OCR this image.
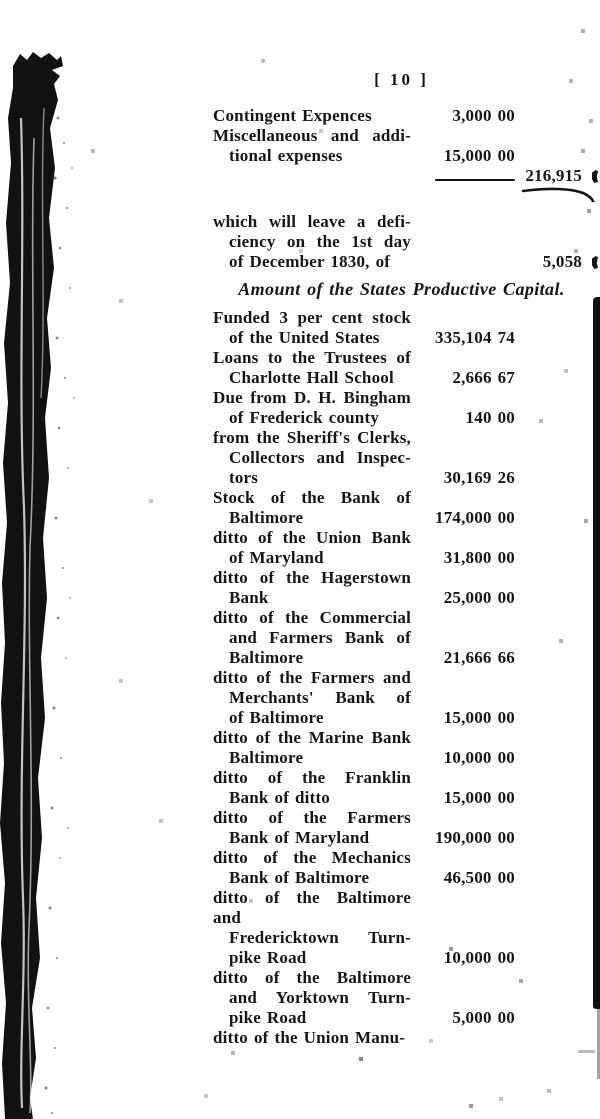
[ 10 ]
Contingent Expences	3,000 00
Miscellaneous and addi-
tional expenses	15,000 00
216,915
which will leave a defi-
ciency on the 1st day
of December 1830, of	5,058
Amount of the States Productive Capital.
Funded 3 per cent stock
of the United States	335,104 74
Loans to the Trustees of
Charlotte Hall School	2,666 67
Due from D. H. Bingham
of Frederick county	140 00
from the Sheriff's Clerks,
Collectors and Inspec-
tors	30,169 26
Stock of the Bank of
Baltimore	174,000 00
ditto of the Union Bank
of Maryland	31,800 00
ditto of the Hagerstown
Bank	25,000 00
ditto of the Commercial
and Farmers Bank of
Baltimore	21,666 66
ditto of the Farmers and
Merchants' Bank of
of Baltimore	15,000 00
ditto of the Marine Bank
Baltimore	10,000 00
ditto of the Franklin
Bank of ditto	15,000 00
ditto of the Farmers
Bank of Maryland	190,000 00
ditto of the Mechanics
Bank of Baltimore	46,500 00
ditto of the Baltimore and
Fredericktown Turn-
pike Road	10,000 00
ditto of the Baltimore
and Yorktown Turn-
pike Road	5,000 00
ditto of the Union Manu-
